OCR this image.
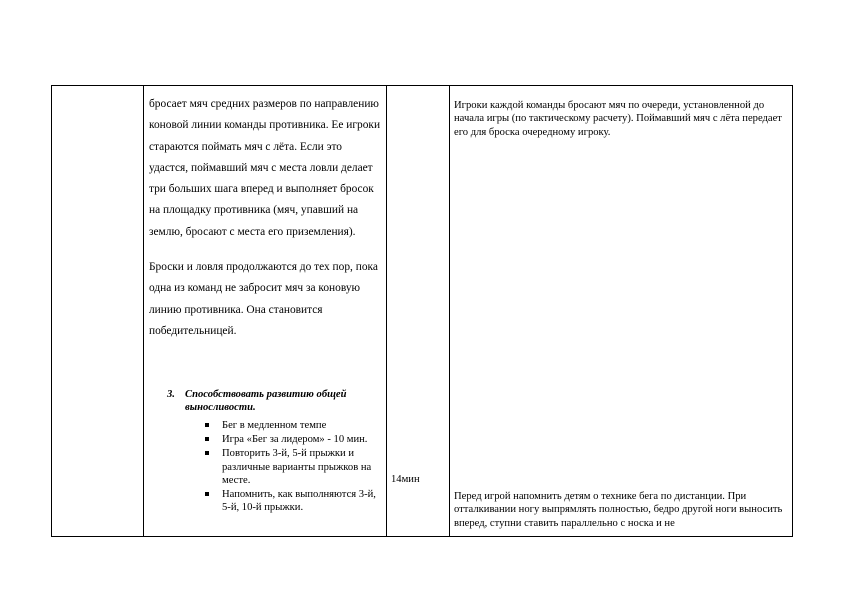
бросает мяч средних размеров по направлению коновой линии команды противника. Ее игроки стараются поймать мяч с лёта. Если это удастся, поймавший мяч с места ловли делает три больших шага вперед и выполняет бросок на площадку противника (мяч, упавший на землю, бросают с места его приземления).

Броски и ловля продолжаются до тех пор, пока одна из команд не забросит мяч за коновую линию противника. Она становится победительницей.

3. Способствовать развитию общей выносливости.
Бег в медленном темпе
Игра «Бег за лидером» - 10 мин.
Повторить 3-й, 5-й прыжки и различные варианты прыжков на месте.
Напомнить, как выполняются 3-й, 5-й, 10-й прыжки.
14мин
Игроки каждой команды бросают мяч по очереди, установленной до начала игры (по тактическому расчету). Поймавший мяч с лёта передает его для броска очередному игроку.
Перед игрой напомнить детям о технике бега по дистанции. При отталкивании ногу выпрямлять полностью, бедро другой ноги выносить вперед, ступни ставить параллельно с носка и не
